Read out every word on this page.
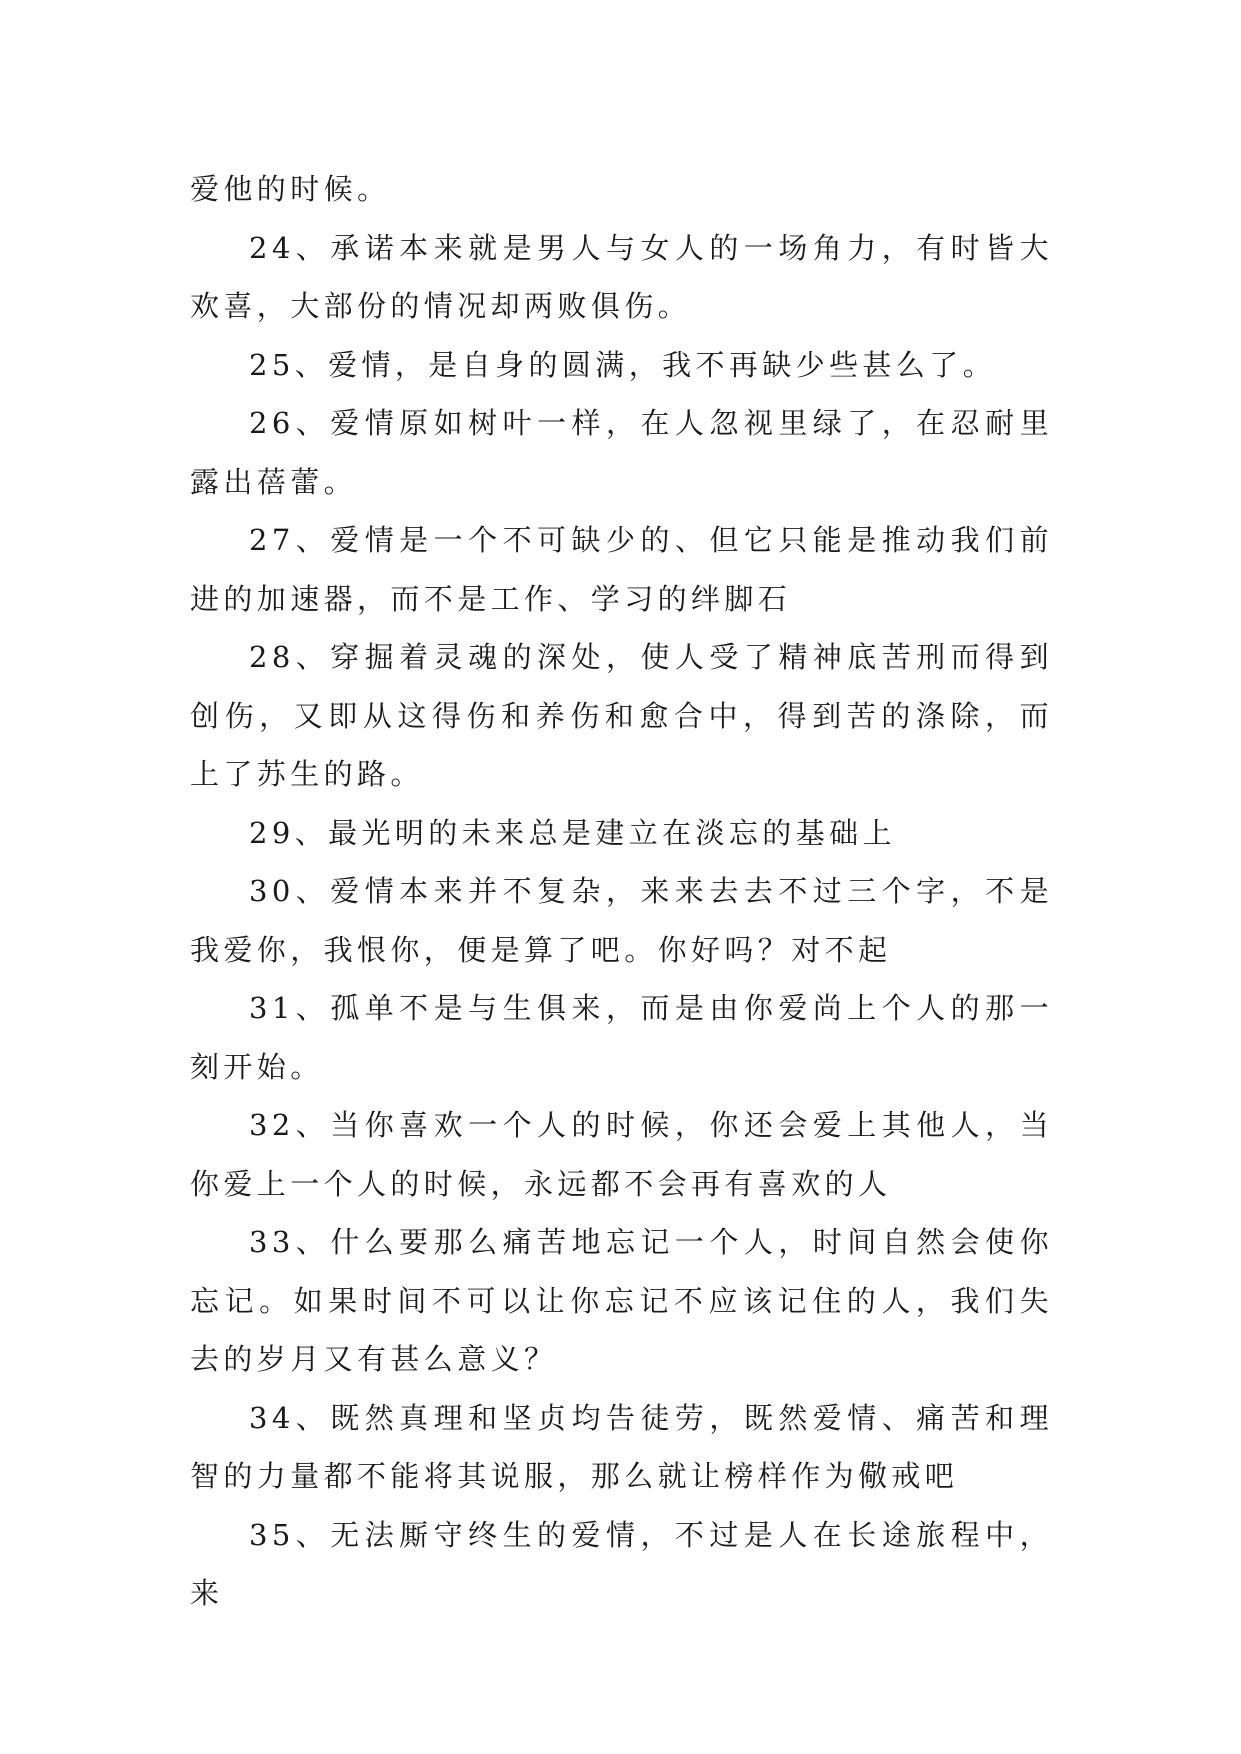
爱他的时候。

24、承诺本来就是男人与女人的一场角力，有时皆大欢喜，大部份的情况却两败俱伤。

25、爱情，是自身的圆满，我不再缺少些甚么了。

26、爱情原如树叶一样，在人忽视里绿了，在忍耐里露出蓓蕾。

27、爱情是一个不可缺少的、但它只能是推动我们前进的加速器，而不是工作、学习的绊脚石

28、穿掘着灵魂的深处，使人受了精神底苦刑而得到创伤，又即从这得伤和养伤和愈合中，得到苦的涤除，而上了苏生的路。

29、最光明的未来总是建立在淡忘的基础上

30、爱情本来并不复杂，来来去去不过三个字，不是我爱你，我恨你，便是算了吧。你好吗？对不起

31、孤单不是与生俱来，而是由你爱尚上个人的那一刻开始。

32、当你喜欢一个人的时候，你还会爱上其他人，当你爱上一个人的时候，永远都不会再有喜欢的人

33、什么要那么痛苦地忘记一个人，时间自然会使你忘记。如果时间不可以让你忘记不应该记住的人，我们失去的岁月又有甚么意义？

34、既然真理和坚贞均告徒劳，既然爱情、痛苦和理智的力量都不能将其说服，那么就让榜样作为儆戒吧

35、无法厮守终生的爱情，不过是人在长途旅程中，来
